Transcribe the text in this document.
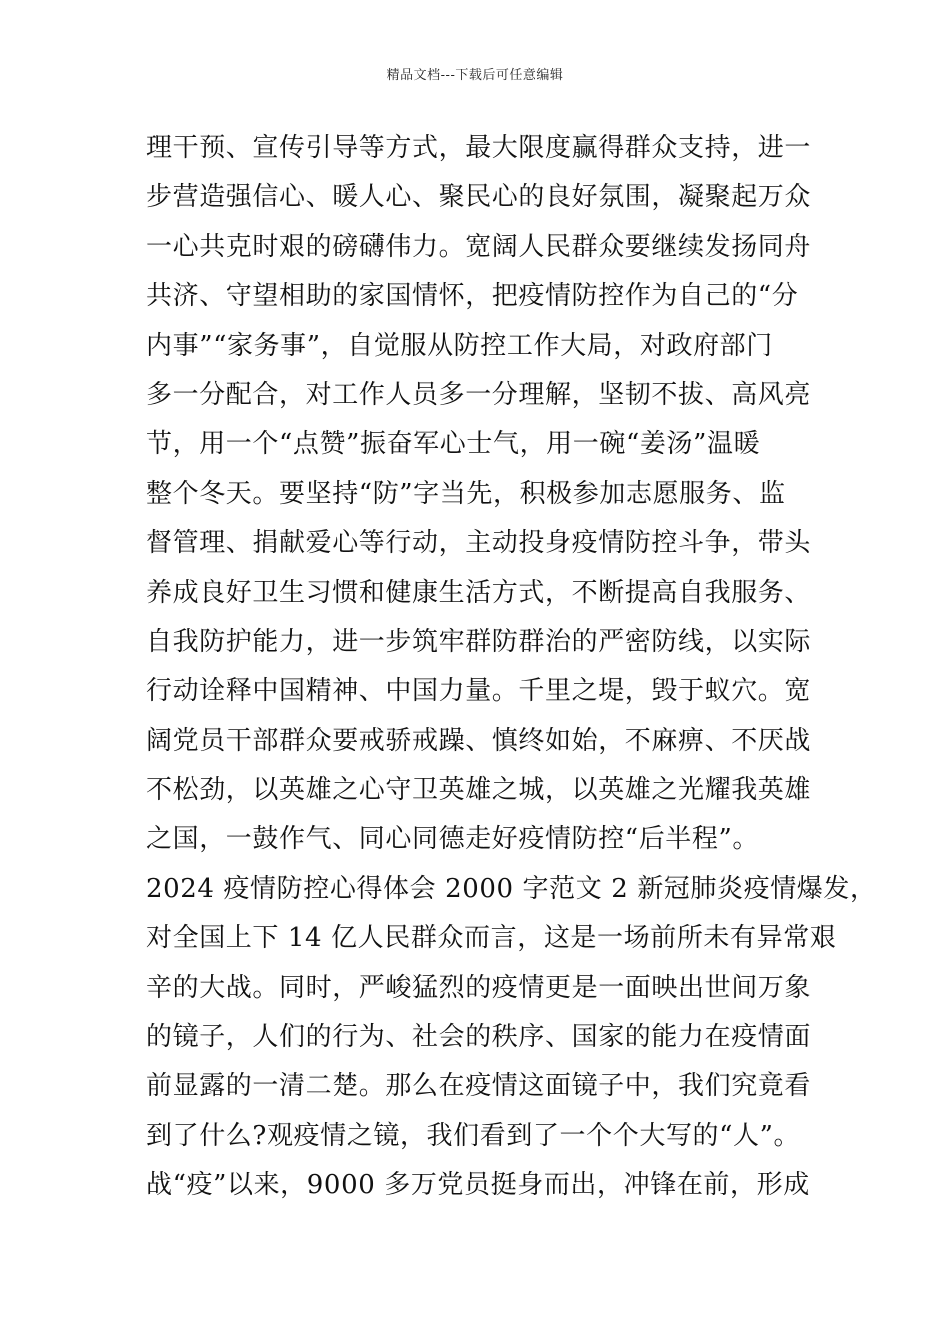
精品文档---下载后可任意编辑
理干预、宣传引导等方式，最大限度赢得群众支持，进一
步营造强信心、暖人心、聚民心的良好氛围，凝聚起万众
一心共克时艰的磅礴伟力。宽阔人民群众要继续发扬同舟
共济、守望相助的家国情怀，把疫情防控作为自己的“分
内事”“家务事”，自觉服从防控工作大局，对政府部门
多一分配合，对工作人员多一分理解，坚韧不拔、高风亮
节，用一个“点赞”振奋军心士气，用一碗“姜汤”温暖
整个冬天。要坚持“防”字当先，积极参加志愿服务、监
督管理、捐献爱心等行动，主动投身疫情防控斗争，带头
养成良好卫生习惯和健康生活方式，不断提高自我服务、
自我防护能力，进一步筑牢群防群治的严密防线，以实际
行动诠释中国精神、中国力量。千里之堤，毁于蚁穴。宽
阔党员干部群众要戒骄戒躁、慎终如始，不麻痹、不厌战
不松劲，以英雄之心守卫英雄之城，以英雄之光耀我英雄
之国，一鼓作气、同心同德走好疫情防控“后半程”。
2024 疫情防控心得体会 2000 字范文 2 新冠肺炎疫情爆发，
对全国上下 14 亿人民群众而言，这是一场前所未有异常艰
辛的大战。同时，严峻猛烈的疫情更是一面映出世间万象
的镜子，人们的行为、社会的秩序、国家的能力在疫情面
前显露的一清二楚。那么在疫情这面镜子中，我们究竟看
到了什么?观疫情之镜，我们看到了一个个大写的“人”。
战“疫”以来，9000 多万党员挺身而出，冲锋在前，形成
